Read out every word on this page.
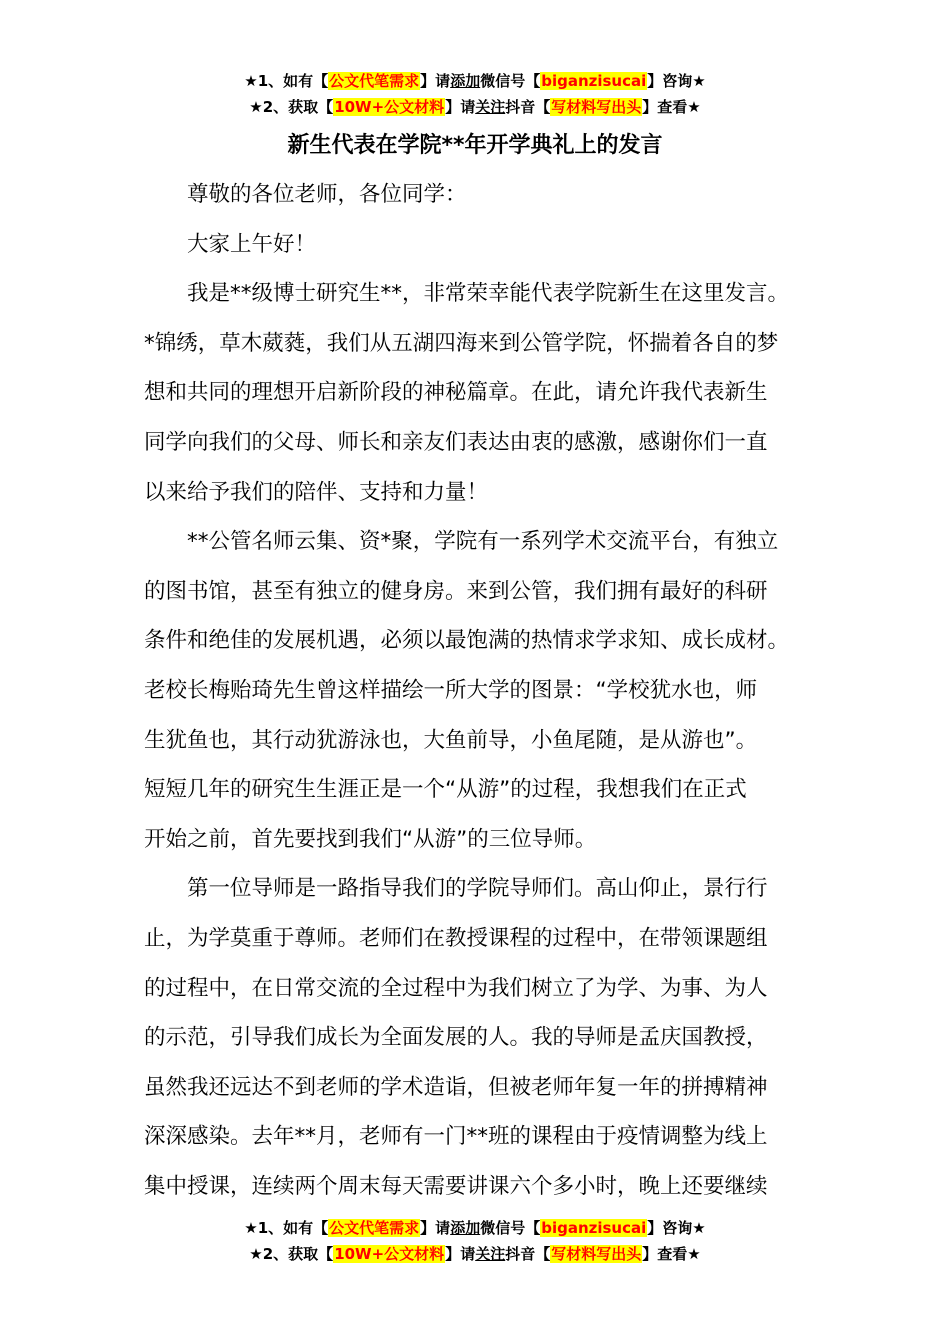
★1、如有【公文代笔需求】请添加微信号【biganzisucai】咨询★
★2、获取【10W+公文材料】请关注抖音【写材料写出头】查看★
新生代表在学院**年开学典礼上的发言

尊敬的各位老师，各位同学：

大家上午好！

我是**级博士研究生**，非常荣幸能代表学院新生在这里发言。

*锦绣，草木葳蕤，我们从五湖四海来到公管学院，怀揣着各自的梦

想和共同的理想开启新阶段的神秘篇章。在此，请允许我代表新生

同学向我们的父母、师长和亲友们表达由衷的感激，感谢你们一直

以来给予我们的陪伴、支持和力量！

**公管名师云集、资*聚，学院有一系列学术交流平台，有独立

的图书馆，甚至有独立的健身房。来到公管，我们拥有最好的科研

条件和绝佳的发展机遇，必须以最饱满的热情求学求知、成长成材。

老校长梅贻琦先生曾这样描绘一所大学的图景：“学校犹水也，师

生犹鱼也，其行动犹游泳也，大鱼前导，小鱼尾随，是从游也”。

短短几年的研究生生涯正是一个“从游”的过程，我想我们在正式

开始之前，首先要找到我们“从游”的三位导师。

第一位导师是一路指导我们的学院导师们。高山仰止，景行行

止，为学莫重于尊师。老师们在教授课程的过程中，在带领课题组

的过程中，在日常交流的全过程中为我们树立了为学、为事、为人

的示范，引导我们成长为全面发展的人。我的导师是孟庆国教授，

虽然我还远达不到老师的学术造诣，但被老师年复一年的拼搏精神

深深感染。去年**月，老师有一门**班的课程由于疫情调整为线上

集中授课，连续两个周末每天需要讲课六个多小时，晚上还要继续

★1、如有【公文代笔需求】请添加微信号【biganzisucai】咨询★
★2、获取【10W+公文材料】请关注抖音【写材料写出头】查看★
